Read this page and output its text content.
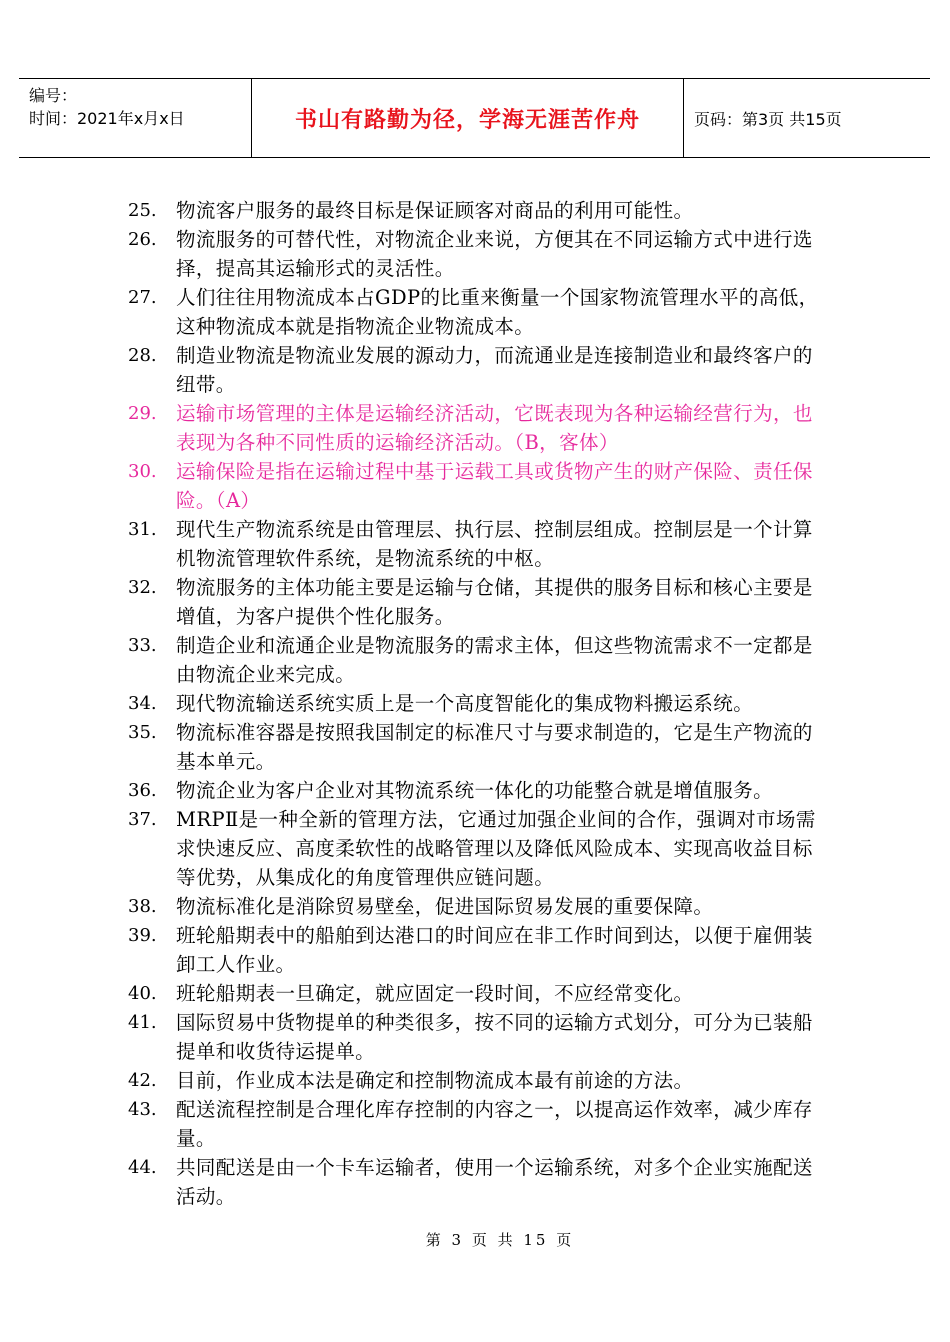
编号：
时间：2021年x月x日	书山有路勤为径，学海无涯苦作舟	页码：第3页 共15页
25. 物流客户服务的最终目标是保证顾客对商品的利用可能性。
26. 物流服务的可替代性，对物流企业来说，方便其在不同运输方式中进行选择，提高其运输形式的灵活性。
27. 人们往往用物流成本占GDP的比重来衡量一个国家物流管理水平的高低，这种物流成本就是指物流企业物流成本。
28. 制造业物流是物流业发展的源动力，而流通业是连接制造业和最终客户的纽带。
29. 运输市场管理的主体是运输经济活动，它既表现为各种运输经营行为，也表现为各种不同性质的运输经济活动。（B，客体）
30. 运输保险是指在运输过程中基于运载工具或货物产生的财产保险、责任保险。（A）
31. 现代生产物流系统是由管理层、执行层、控制层组成。控制层是一个计算机物流管理软件系统，是物流系统的中枢。
32. 物流服务的主体功能主要是运输与仓储，其提供的服务目标和核心主要是增值，为客户提供个性化服务。
33. 制造企业和流通企业是物流服务的需求主体，但这些物流需求不一定都是由物流企业来完成。
34. 现代物流输送系统实质上是一个高度智能化的集成物料搬运系统。
35. 物流标准容器是按照我国制定的标准尺寸与要求制造的，它是生产物流的基本单元。
36. 物流企业为客户企业对其物流系统一体化的功能整合就是增值服务。
37. MRPⅡ是一种全新的管理方法，它通过加强企业间的合作，强调对市场需求快速反应、高度柔软性的战略管理以及降低风险成本、实现高收益目标等优势，从集成化的角度管理供应链问题。
38. 物流标准化是消除贸易壁垒，促进国际贸易发展的重要保障。
39. 班轮船期表中的船舶到达港口的时间应在非工作时间到达，以便于雇佣装卸工人作业。
40. 班轮船期表一旦确定，就应固定一段时间，不应经常变化。
41. 国际贸易中货物提单的种类很多，按不同的运输方式划分，可分为已装船提单和收货待运提单。
42. 目前，作业成本法是确定和控制物流成本最有前途的方法。
43. 配送流程控制是合理化库存控制的内容之一，以提高运作效率，减少库存量。
44. 共同配送是由一个卡车运输者，使用一个运输系统，对多个企业实施配送活动。
第 3 页 共 15 页
